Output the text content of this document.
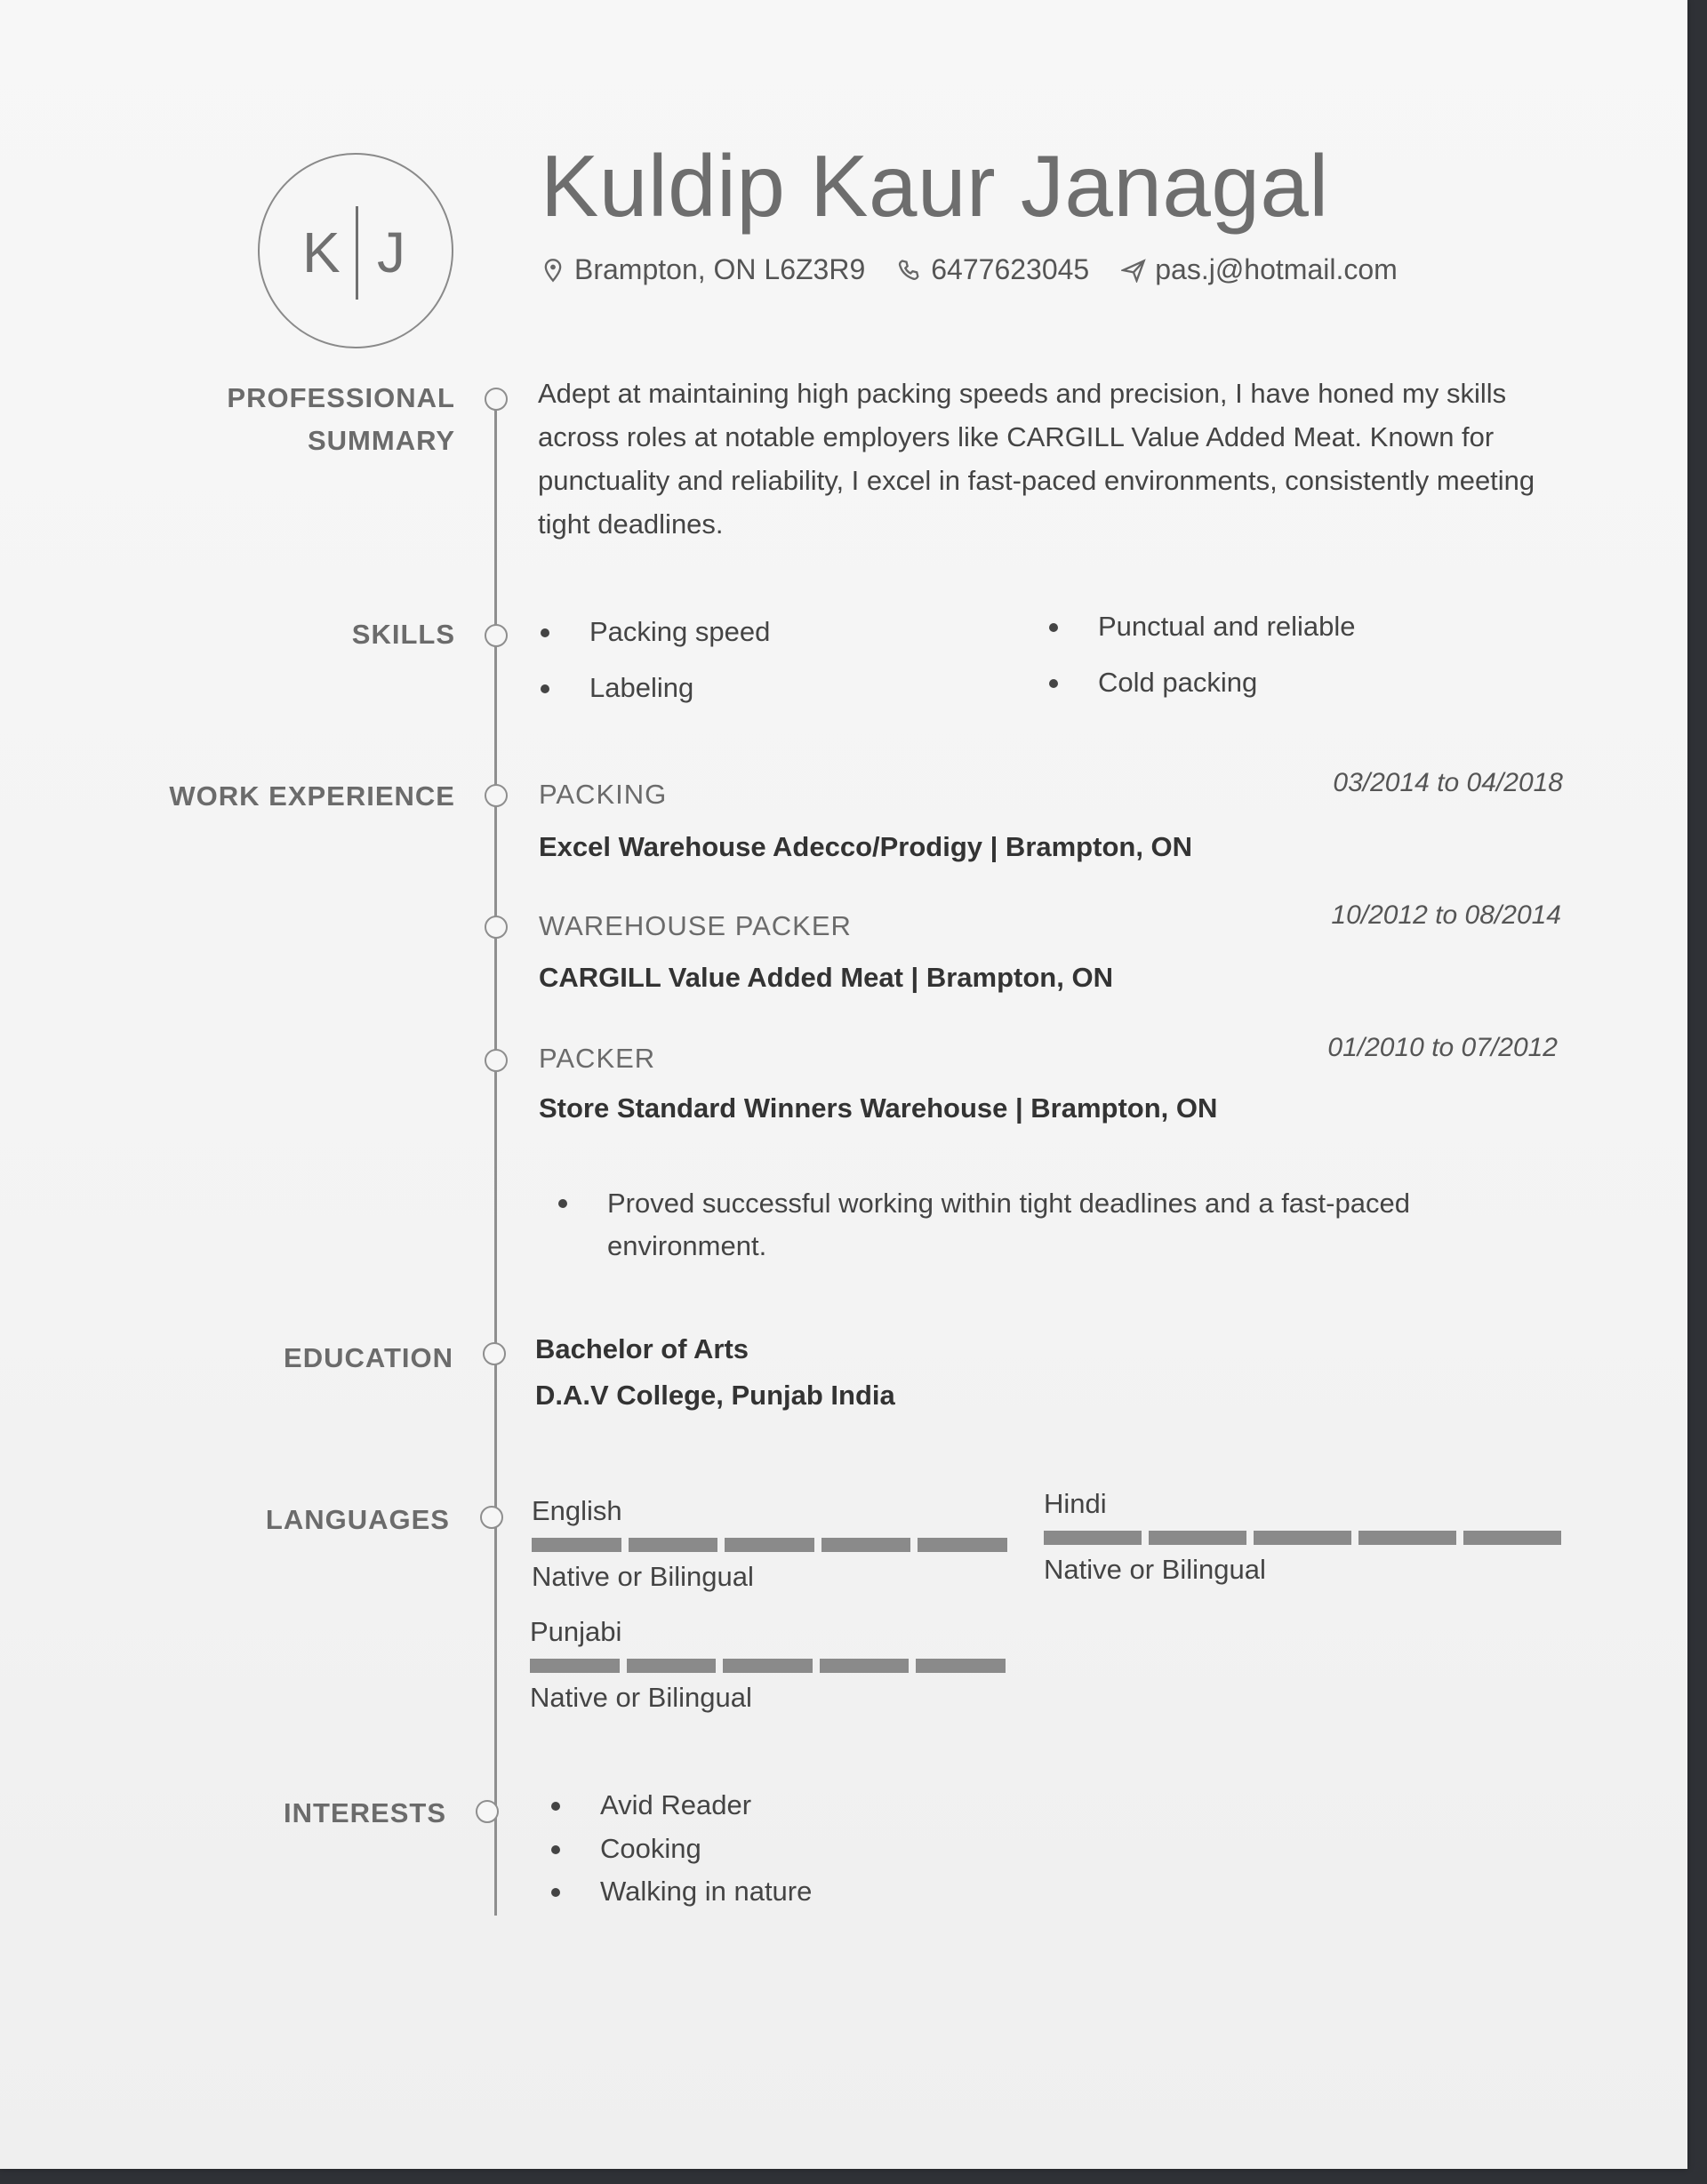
K J
Kuldip Kaur Janagal
Brampton, ON L6Z3R9 6477623045 pas.j@hotmail.com
PROFESSIONAL
SUMMARY
Adept at maintaining high packing speeds and precision, I have honed my skills across roles at notable employers like CARGILL Value Added Meat. Known for punctuality and reliability, I excel in fast-paced environments, consistently meeting tight deadlines.
SKILLS	Packing speed	Punctual and reliable
Labeling	Cold packing
WORK EXPERIENCE	PACKING	03/2014 to 04/2018
Excel Warehouse Adecco/Prodigy | Brampton, ON
WAREHOUSE PACKER	10/2012 to 08/2014
CARGILL Value Added Meat | Brampton, ON
PACKER	01/2010 to 07/2012
Store Standard Winners Warehouse | Brampton, ON
Proved successful working within tight deadlines and a fast-paced environment.
EDUCATION	Bachelor of Arts
D.A.V College, Punjab India
LANGUAGES	English
Native or Bilingual
Hindi
Native or Bilingual
Punjabi
Native or Bilingual
INTERESTS	Avid Reader
Cooking
Walking in nature
